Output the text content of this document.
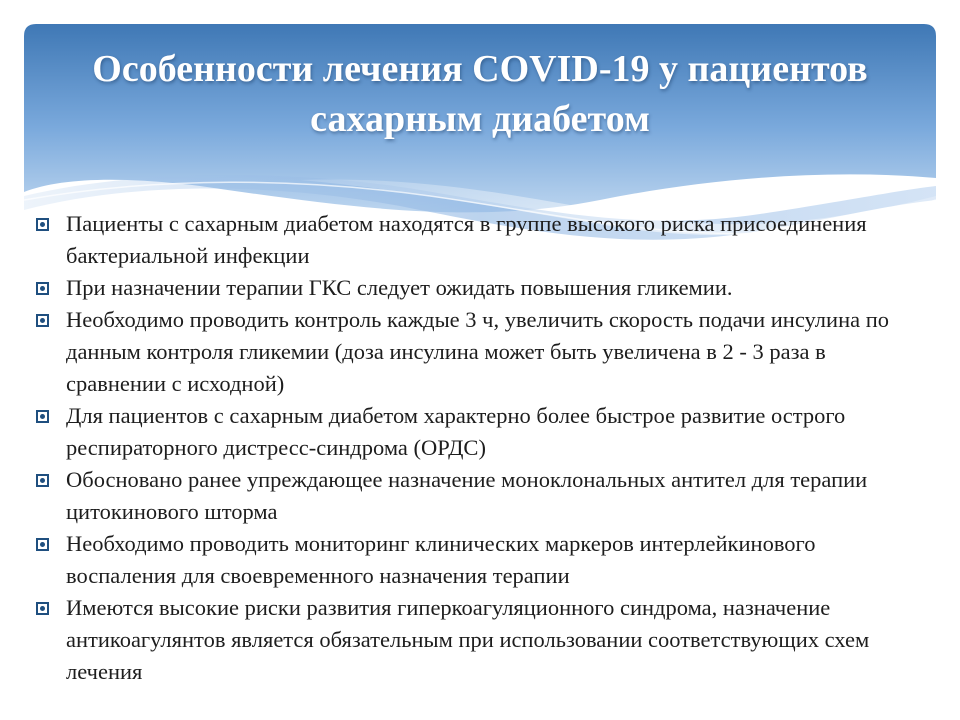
Особенности лечения COVID-19 у пациентов
сахарным диабетом
Пациенты с сахарным диабетом находятся в группе высокого риска присоединения бактериальной инфекции
При назначении терапии ГКС следует ожидать повышения гликемии.
Необходимо проводить контроль каждые 3 ч, увеличить скорость подачи инсулина по данным контроля гликемии (доза инсулина может быть увеличена в 2 - 3 раза в сравнении с исходной)
Для пациентов с сахарным диабетом характерно более быстрое развитие острого респираторного дистресс-синдрома (ОРДС)
Обосновано ранее упреждающее назначение моноклональных антител для терапии цитокинового шторма
Необходимо проводить мониторинг клинических маркеров интерлейкинового воспаления для своевременного назначения терапии
Имеются высокие риски развития гиперкоагуляционного синдрома, назначение антикоагулянтов является обязательным при использовании соответствующих схем лечения
